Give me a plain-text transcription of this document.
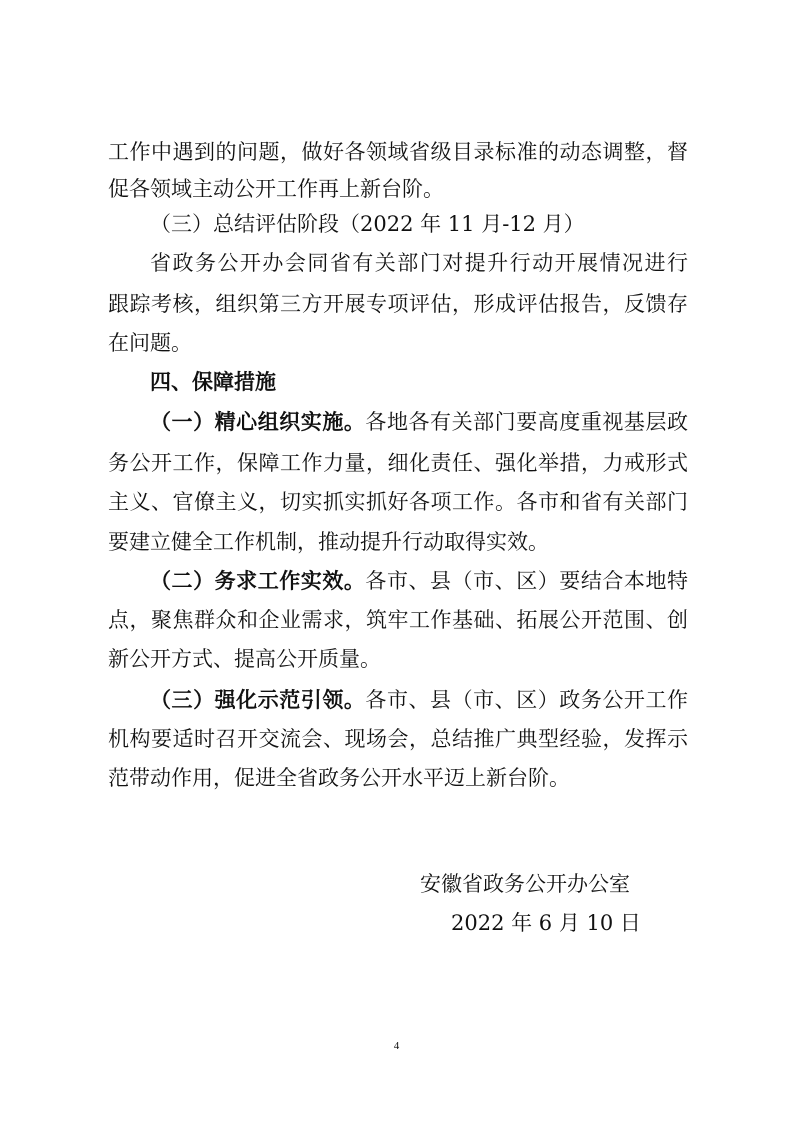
工作中遇到的问题，做好各领域省级目录标准的动态调整，督
促各领域主动公开工作再上新台阶。
（三）总结评估阶段（2022 年 11 月-12 月）
省政务公开办会同省有关部门对提升行动开展情况进行
跟踪考核，组织第三方开展专项评估，形成评估报告，反馈存
在问题。
四、保障措施
（一）精心组织实施。各地各有关部门要高度重视基层政
务公开工作，保障工作力量，细化责任、强化举措，力戒形式
主义、官僚主义，切实抓实抓好各项工作。各市和省有关部门
要建立健全工作机制，推动提升行动取得实效。
（二）务求工作实效。各市、县（市、区）要结合本地特
点，聚焦群众和企业需求，筑牢工作基础、拓展公开范围、创
新公开方式、提高公开质量。
（三）强化示范引领。各市、县（市、区）政务公开工作
机构要适时召开交流会、现场会，总结推广典型经验，发挥示
范带动作用，促进全省政务公开水平迈上新台阶。
安徽省政务公开办公室
2022 年 6 月 10 日
4
